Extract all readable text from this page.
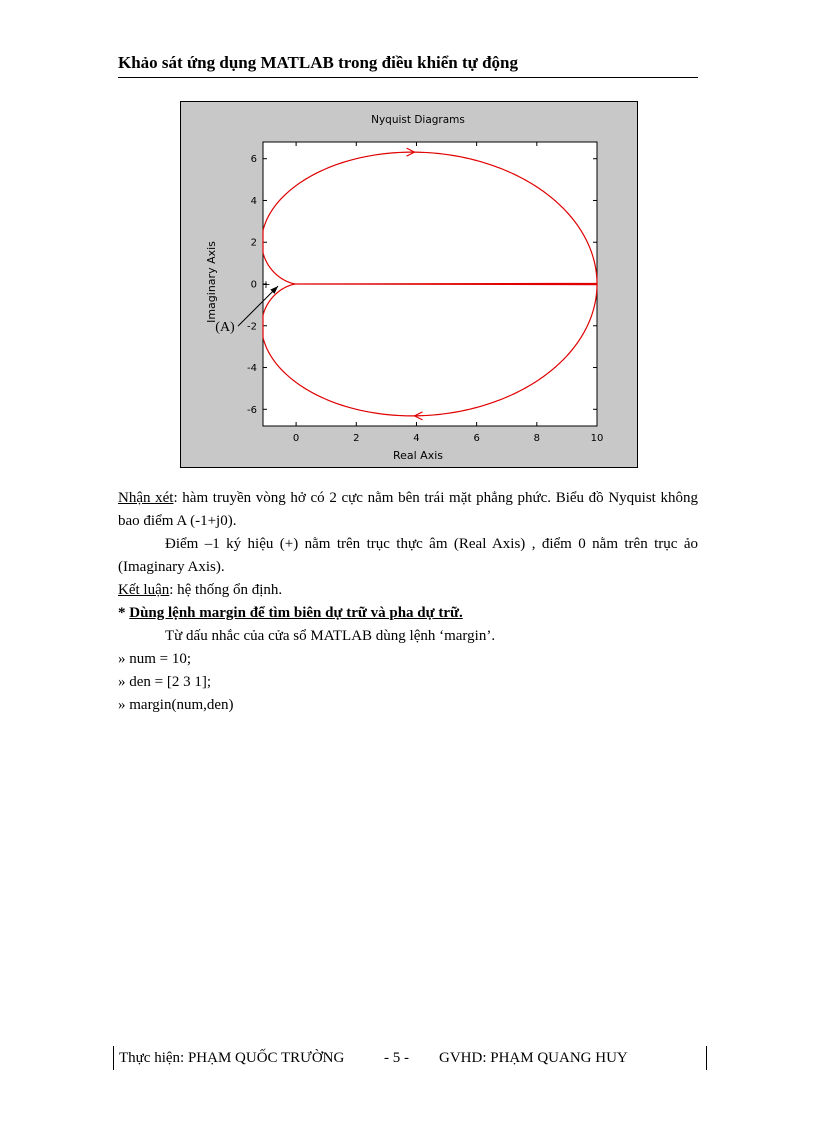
Khảo sát ứng dụng MATLAB trong điều khiển tự động
Nyquist Diagrams
Real Axis
Imaginary Axis
0	2	4	6	8	10
-6
-4
-2
0
2
4
6
+
(A)

Nhận xét: hàm truyền vòng hở có 2 cực nằm bên trái mặt phẳng phức. Biểu đồ Nyquist không bao điểm A (-1+j0).

Điểm –1 ký hiệu (+) nằm trên trục thực âm (Real Axis) , điểm 0 nằm trên trục ảo (Imaginary Axis).

Kết luận: hệ thống ổn định.

* Dùng lệnh margin để tìm biên dự trữ và pha dự trữ.

Từ dấu nhắc của cửa sổ MATLAB dùng lệnh ‘margin’.

» num = 10;

» den = [2 3 1];

» margin(num,den)

Thực hiện: PHẠM QUỐC TRƯỜNG	- 5 - GVHD: PHẠM QUANG HUY
